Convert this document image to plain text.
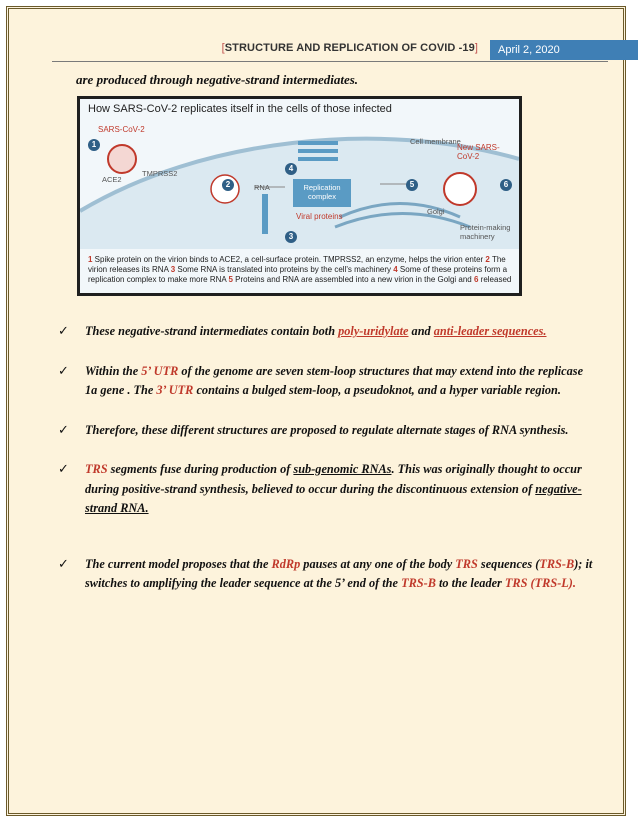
[STRUCTURE AND REPLICATION OF COVID -19]	April 2, 2020
are produced through negative-strand intermediates.
How SARS-CoV-2 replicates itself in the cells of those infected
SARS-CoV-2
ACE2
TMPRSS2
RNA	Replication complex
Viral proteins
Cell membrane
New SARS-CoV-2
Golgi
Protein-making machinery
1
2
3
4
5	6
1 Spike protein on the virion binds to ACE2, a cell-surface protein. TMPRSS2, an enzyme, helps the virion enter 2 The virion releases its RNA 3 Some RNA is translated into proteins by the cell's machinery 4 Some of these proteins form a replication complex to make more RNA 5 Proteins and RNA are assembled into a new virion in the Golgi and 6 released
✓ These negative-strand intermediates contain both poly-uridylate and anti-leader sequences.
✓ Within the 5’ UTR of the genome are seven stem-loop structures that may extend into the replicase 1a gene . The 3’ UTR contains a bulged stem-loop, a pseudoknot, and a hyper variable region.
✓ Therefore, these different structures are proposed to regulate alternate stages of RNA synthesis.
✓ TRS segments fuse during production of sub-genomic RNAs. This was originally thought to occur during positive-strand synthesis, believed to occur during the discontinuous extension of negative-strand RNA.
✓ The current model proposes that the RdRp pauses at any one of the body TRS sequences (TRS-B); it switches to amplifying the leader sequence at the 5’ end of the TRS-B to the leader TRS (TRS-L).
